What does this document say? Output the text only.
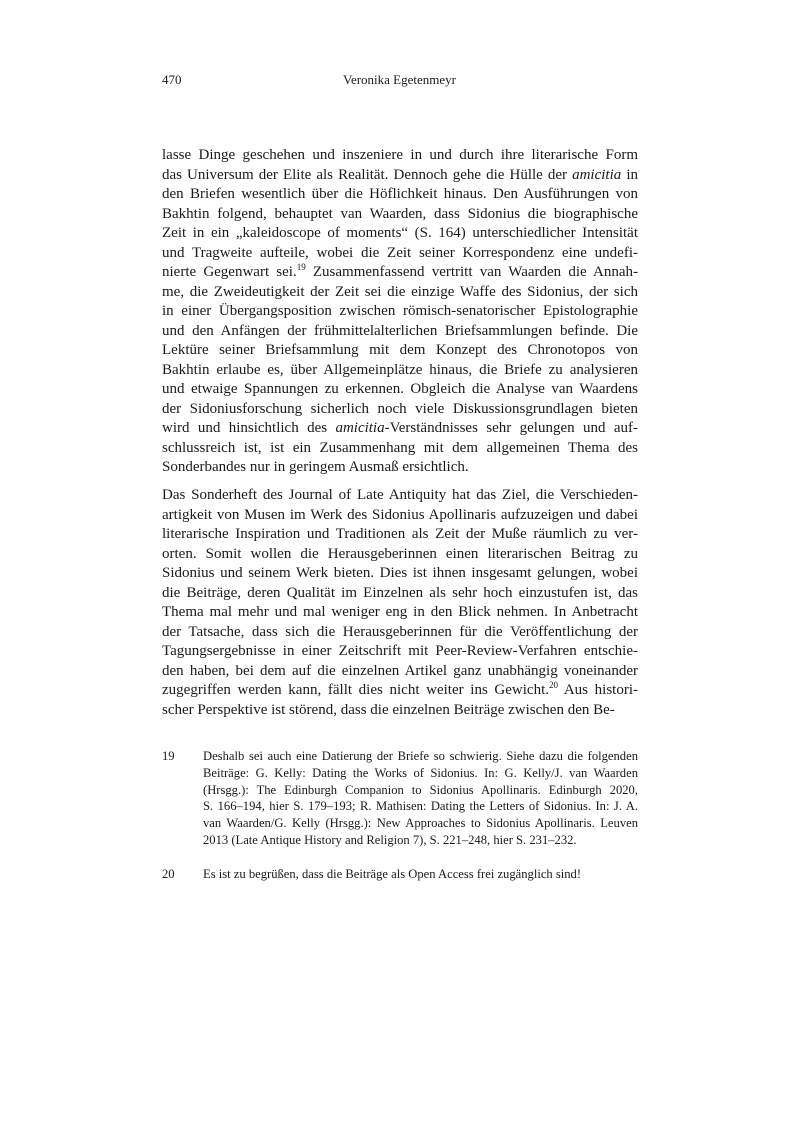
470	Veronika Egetenmeyr
lasse Dinge geschehen und inszeniere in und durch ihre literarische Form
das Universum der Elite als Realität. Dennoch gehe die Hülle der amicitia in
den Briefen wesentlich über die Höflichkeit hinaus. Den Ausführungen von
Bakhtin folgend, behauptet van Waarden, dass Sidonius die biographische
Zeit in ein „kaleidoscope of moments“ (S. 164) unterschiedlicher Intensität
und Tragweite aufteile, wobei die Zeit seiner Korrespondenz eine undefi-
nierte Gegenwart sei.$^{19}$ Zusammenfassend vertritt van Waarden die Annah-
me, die Zweideutigkeit der Zeit sei die einzige Waffe des Sidonius, der sich
in einer Übergangsposition zwischen römisch-senatorischer Epistolographie
und den Anfängen der frühmittelalterlichen Briefsammlungen befinde. Die
Lektüre seiner Briefsammlung mit dem Konzept des Chronotopos von
Bakhtin erlaube es, über Allgemeinplätze hinaus, die Briefe zu analysieren
und etwaige Spannungen zu erkennen. Obgleich die Analyse van Waardens
der Sidoniusforschung sicherlich noch viele Diskussionsgrundlagen bieten
wird und hinsichtlich des amicitia-Verständnisses sehr gelungen und auf-
schlussreich ist, ist ein Zusammenhang mit dem allgemeinen Thema des
Sonderbandes nur in geringem Ausmaß ersichtlich.
Das Sonderheft des Journal of Late Antiquity hat das Ziel, die Verschieden-
artigkeit von Musen im Werk des Sidonius Apollinaris aufzuzeigen und dabei
literarische Inspiration und Traditionen als Zeit der Muße räumlich zu ver-
orten. Somit wollen die Herausgeberinnen einen literarischen Beitrag zu
Sidonius und seinem Werk bieten. Dies ist ihnen insgesamt gelungen, wobei
die Beiträge, deren Qualität im Einzelnen als sehr hoch einzustufen ist, das
Thema mal mehr und mal weniger eng in den Blick nehmen. In Anbetracht
der Tatsache, dass sich die Herausgeberinnen für die Veröffentlichung der
Tagungsergebnisse in einer Zeitschrift mit Peer-Review-Verfahren entschie-
den haben, bei dem auf die einzelnen Artikel ganz unabhängig voneinander
zugegriffen werden kann, fällt dies nicht weiter ins Gewicht.$^{20}$ Aus histori-
scher Perspektive ist störend, dass die einzelnen Beiträge zwischen den Be-
19 Deshalb sei auch eine Datierung der Briefe so schwierig. Siehe dazu die folgenden
Beiträge: G. Kelly: Dating the Works of Sidonius. In: G. Kelly/J. van Waarden
(Hrsgg.): The Edinburgh Companion to Sidonius Apollinaris. Edinburgh 2020,
S. 166–194, hier S. 179–193; R. Mathisen: Dating the Letters of Sidonius. In: J. A.
van Waarden/G. Kelly (Hrsgg.): New Approaches to Sidonius Apollinaris. Leuven
2013 (Late Antique History and Religion 7), S. 221–248, hier S. 231–232.
20 Es ist zu begrüßen, dass die Beiträge als Open Access frei zugänglich sind!
